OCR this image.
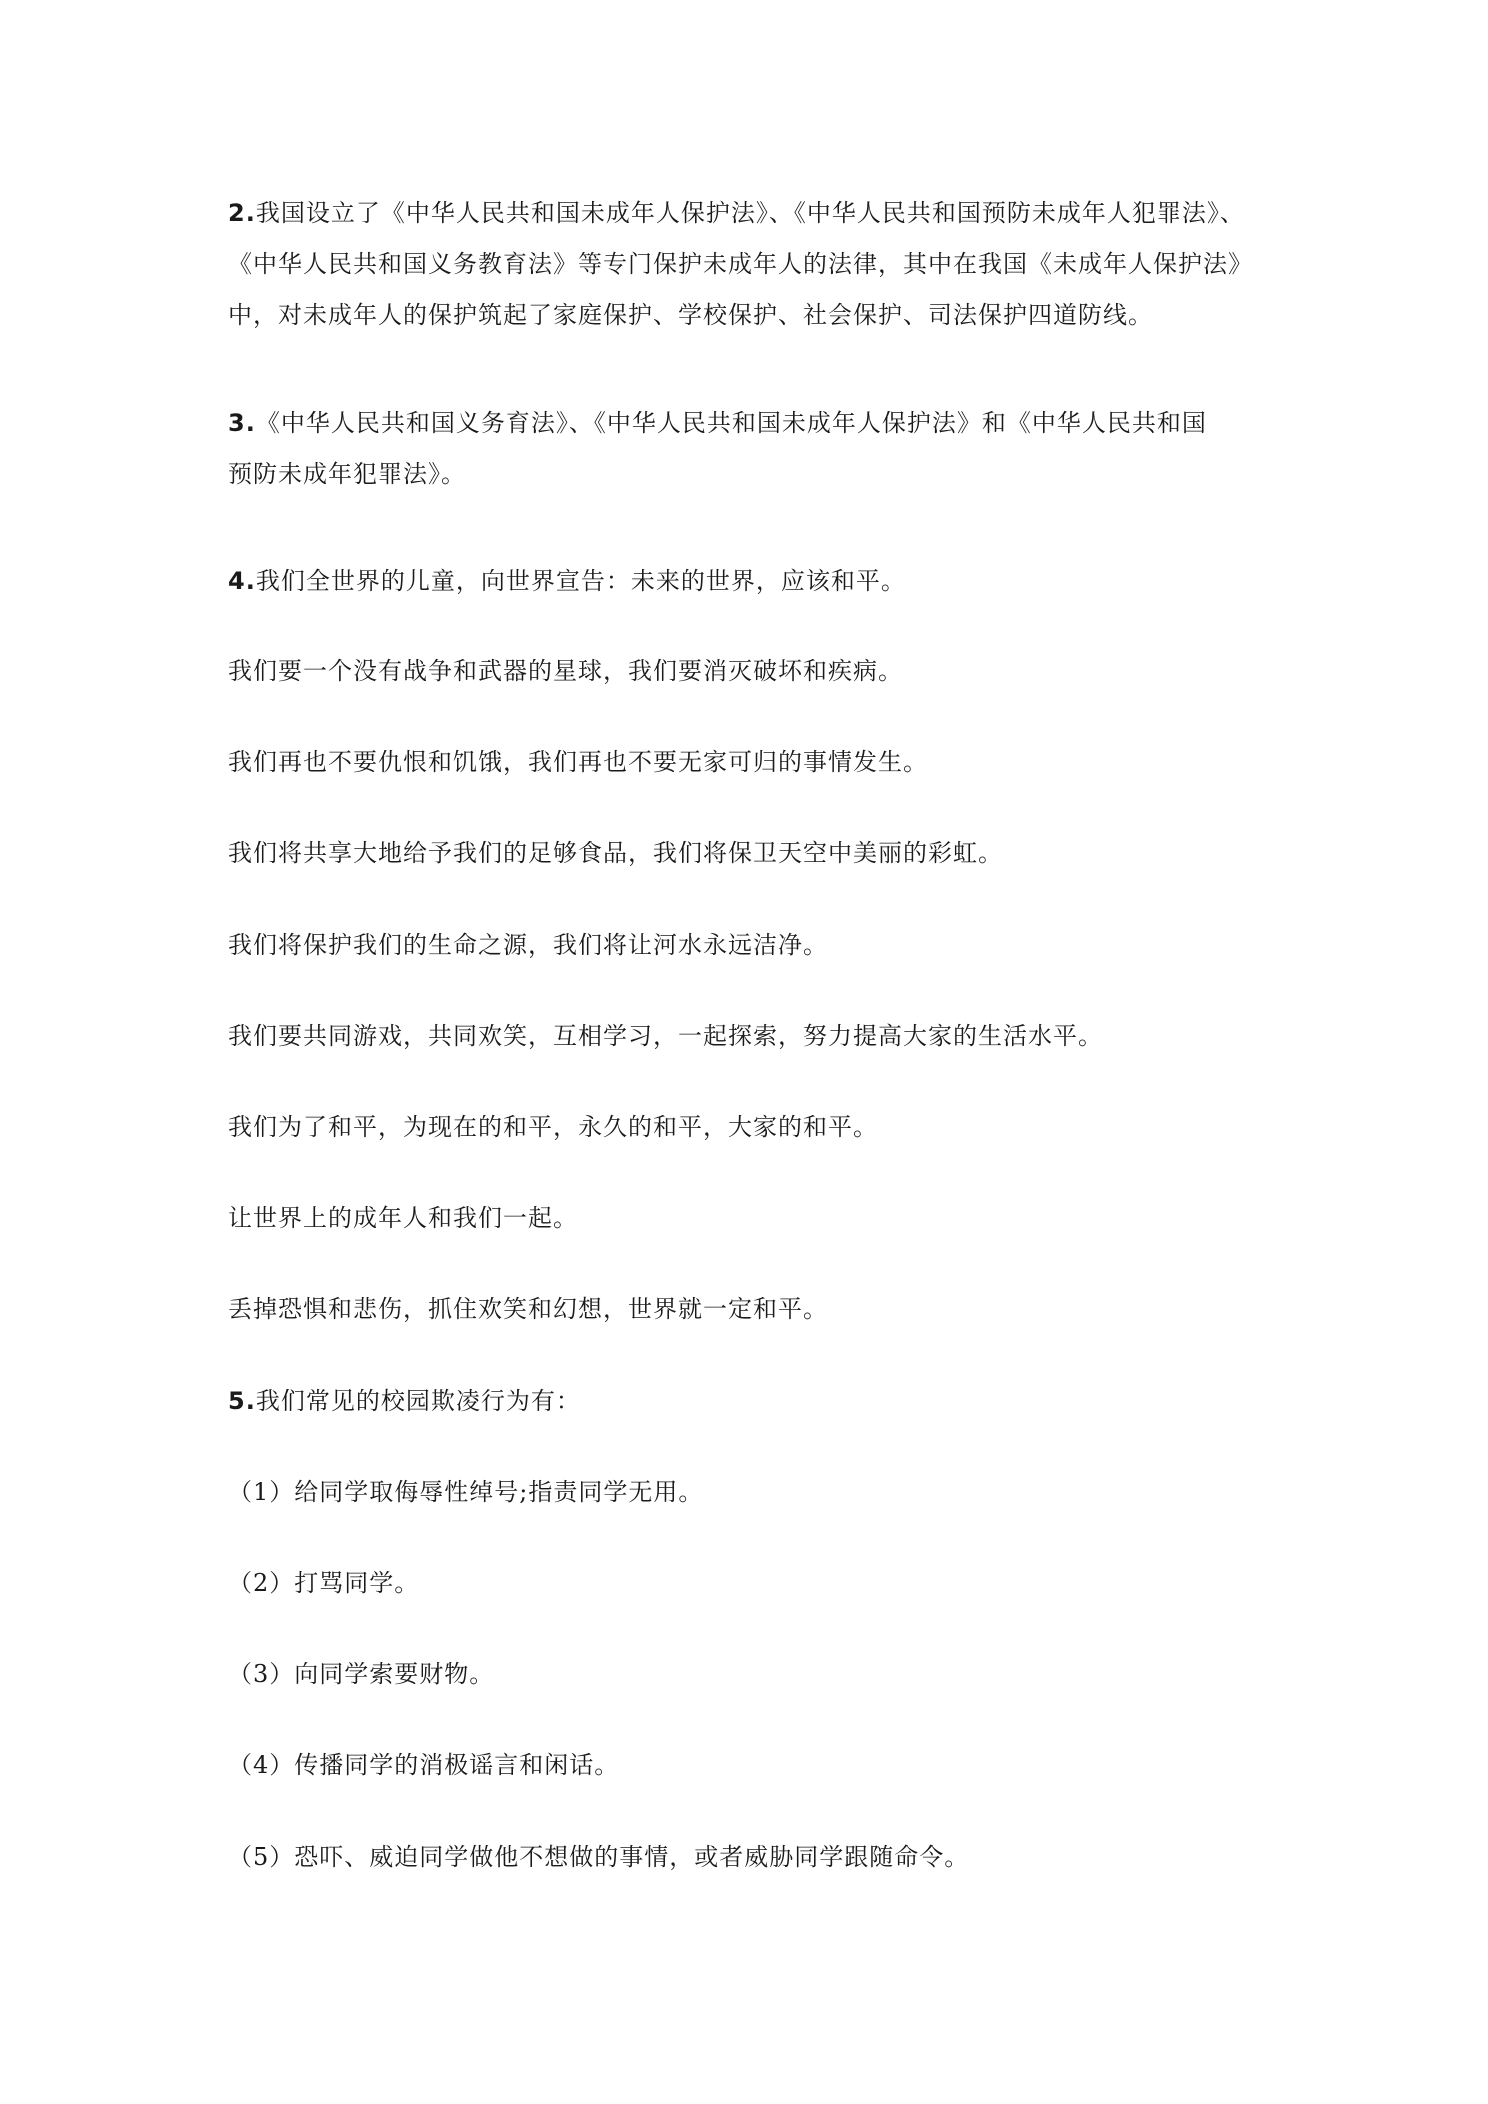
2.我国设立了《中华人民共和国未成年人保护法》、《中华人民共和国预防未成年人犯罪法》、
《中华人民共和国义务教育法》等专门保护未成年人的法律，其中在我国《未成年人保护法》
中，对未成年人的保护筑起了家庭保护、学校保护、社会保护、司法保护四道防线。
3.《中华人民共和国义务育法》、《中华人民共和国未成年人保护法》和《中华人民共和国
预防未成年犯罪法》。
4.我们全世界的儿童，向世界宣告：未来的世界，应该和平。
我们要一个没有战争和武器的星球，我们要消灭破坏和疾病。
我们再也不要仇恨和饥饿，我们再也不要无家可归的事情发生。
我们将共享大地给予我们的足够食品，我们将保卫天空中美丽的彩虹。
我们将保护我们的生命之源，我们将让河水永远洁净。
我们要共同游戏，共同欢笑，互相学习，一起探索，努力提高大家的生活水平。
我们为了和平，为现在的和平，永久的和平，大家的和平。
让世界上的成年人和我们一起。
丢掉恐惧和悲伤，抓住欢笑和幻想，世界就一定和平。
5.我们常见的校园欺凌行为有：
（1）给同学取侮辱性绰号;指责同学无用。
（2）打骂同学。
（3）向同学索要财物。
（4）传播同学的消极谣言和闲话。
（5）恐吓、威迫同学做他不想做的事情，或者威胁同学跟随命令。
